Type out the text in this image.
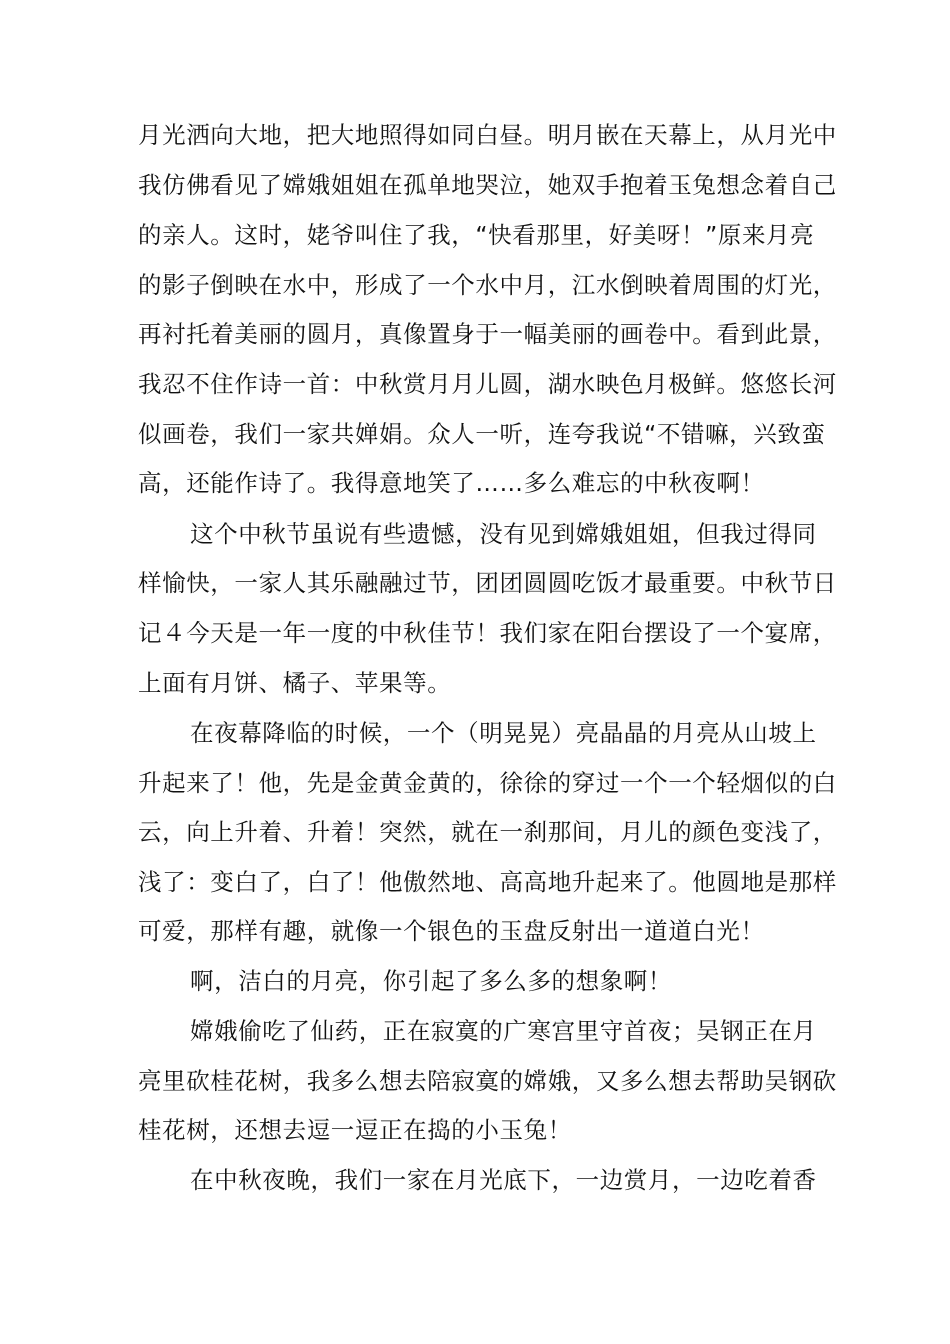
月光洒向大地，把大地照得如同白昼。明月嵌在天幕上，从月光中
我仿佛看见了嫦娥姐姐在孤单地哭泣，她双手抱着玉兔想念着自己
的亲人。这时，姥爷叫住了我，“快看那里，好美呀！”原来月亮
的影子倒映在水中，形成了一个水中月，江水倒映着周围的灯光，
再衬托着美丽的圆月，真像置身于一幅美丽的画卷中。看到此景，
我忍不住作诗一首：中秋赏月月儿圆，湖水映色月极鲜。悠悠长河
似画卷，我们一家共婵娟。众人一听，连夸我说“不错嘛，兴致蛮
高，还能作诗了。我得意地笑了……多么难忘的中秋夜啊！
这个中秋节虽说有些遗憾，没有见到嫦娥姐姐，但我过得同
样愉快，一家人其乐融融过节，团团圆圆吃饭才最重要。中秋节日
记４今天是一年一度的中秋佳节！我们家在阳台摆设了一个宴席，
上面有月饼、橘子、苹果等。
在夜幕降临的时候，一个（明晃晃）亮晶晶的月亮从山坡上
升起来了！他，先是金黄金黄的，徐徐的穿过一个一个轻烟似的白
云，向上升着、升着！突然，就在一刹那间，月儿的颜色变浅了，
浅了：变白了，白了！他傲然地、高高地升起来了。他圆地是那样
可爱，那样有趣，就像一个银色的玉盘反射出一道道白光！
啊，洁白的月亮，你引起了多么多的想象啊！
嫦娥偷吃了仙药，正在寂寞的广寒宫里守首夜；吴钢正在月
亮里砍桂花树，我多么想去陪寂寞的嫦娥，又多么想去帮助吴钢砍
桂花树，还想去逗一逗正在捣的小玉兔！
在中秋夜晚，我们一家在月光底下，一边赏月，一边吃着香
